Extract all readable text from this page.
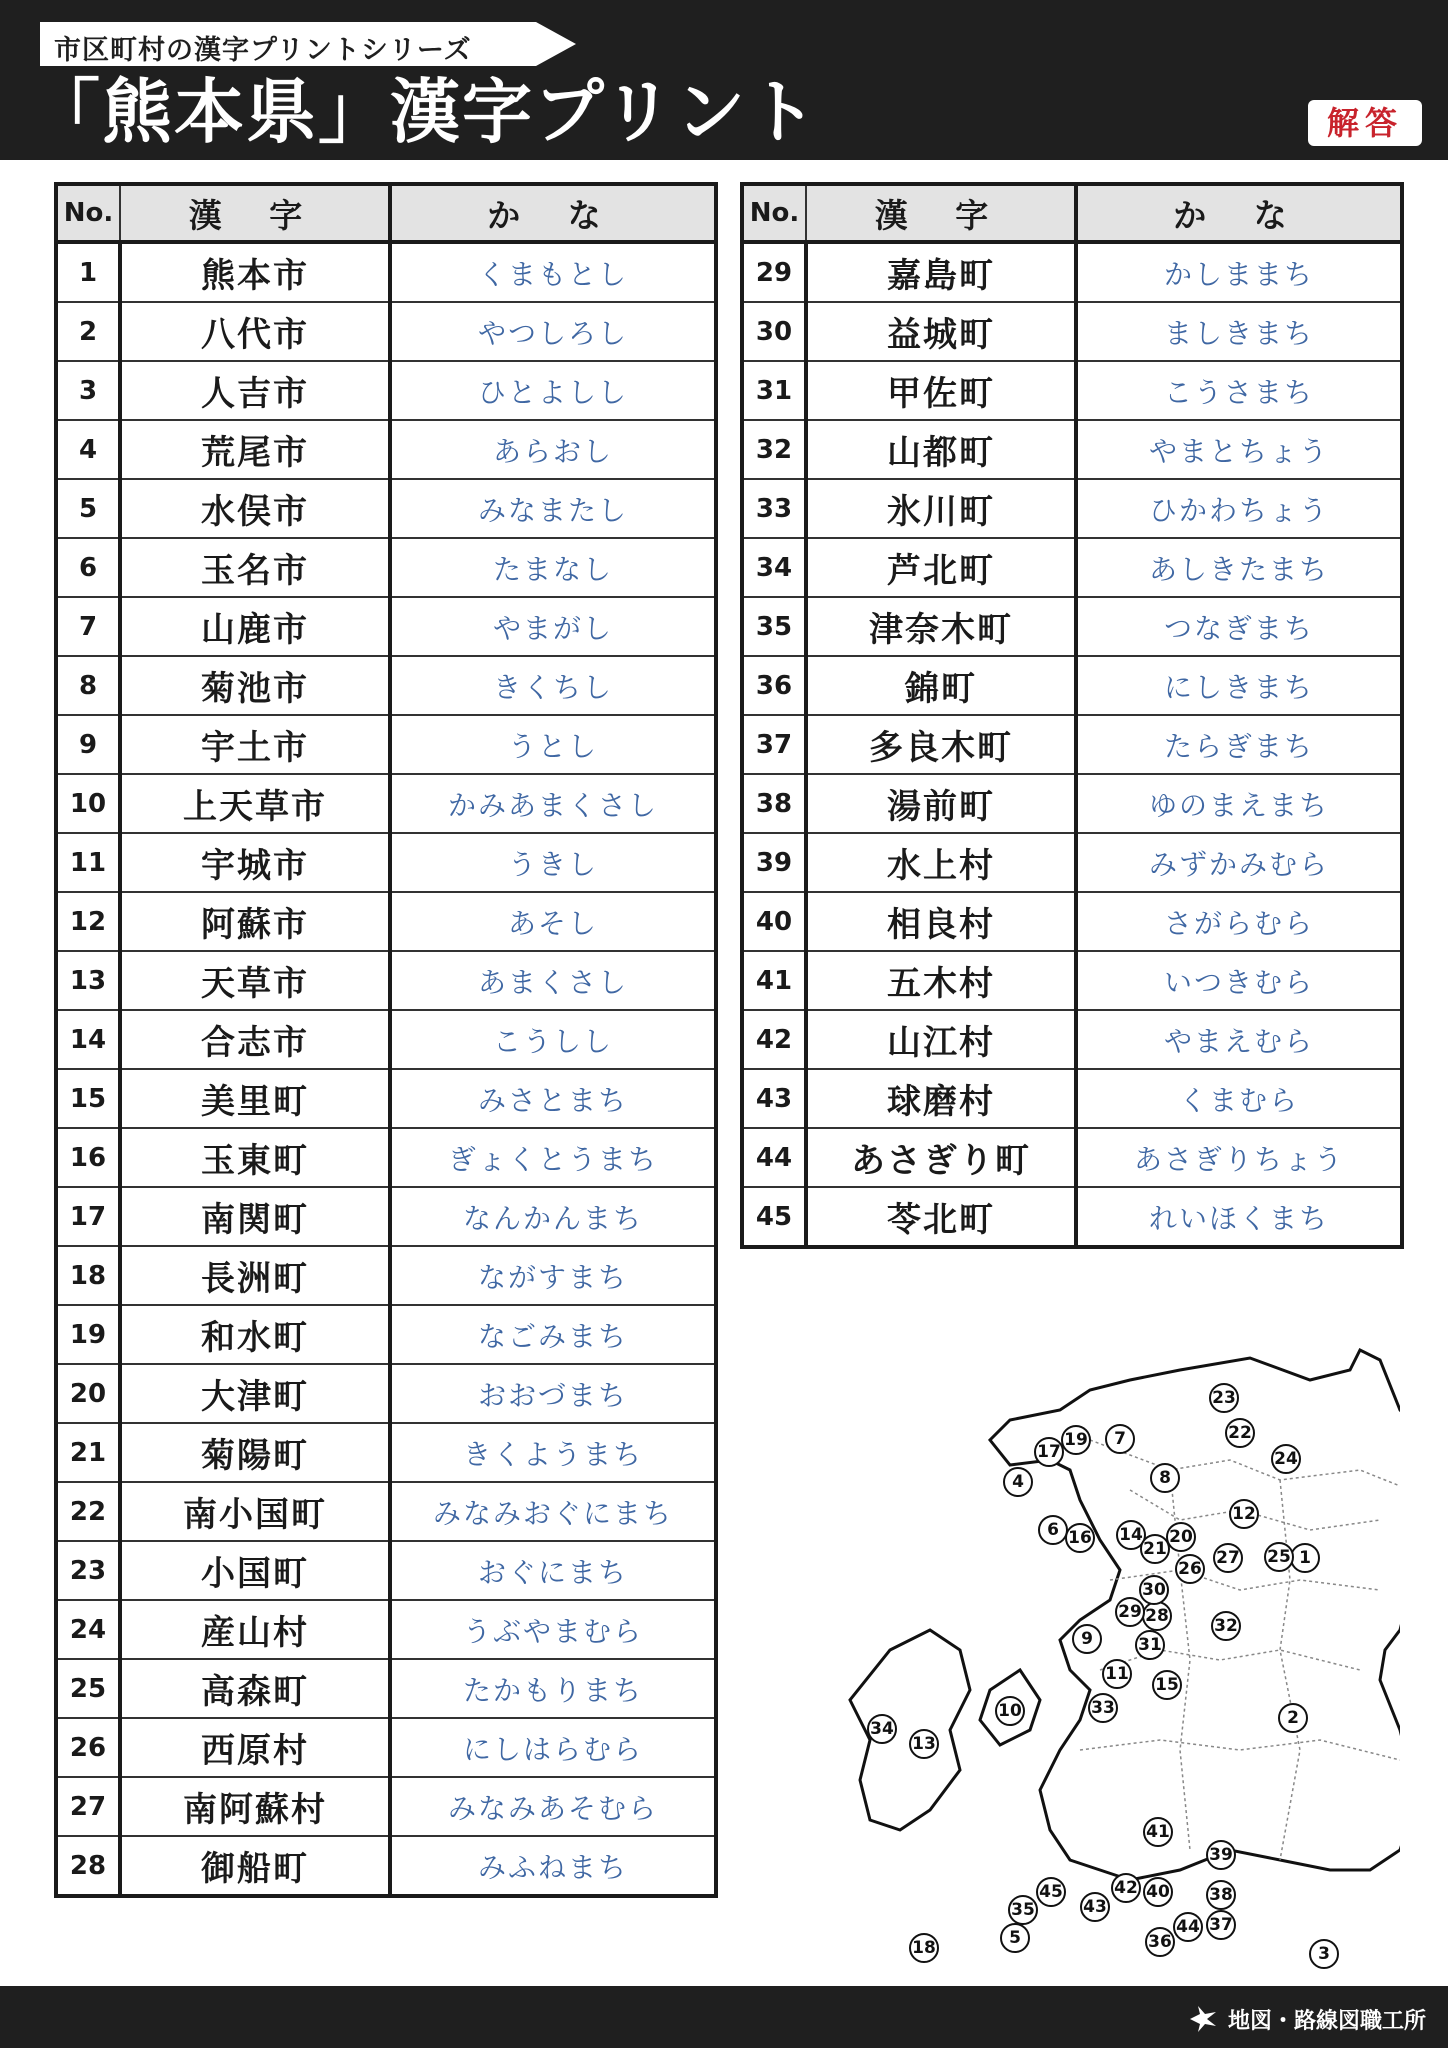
市区町村の漢字プリントシリーズ
「熊本県」漢字プリント	解答
No.	漢 字	か な
1	熊本市	くまもとし
2	八代市	やつしろし
3	人吉市	ひとよしし
4	荒尾市	あらおし
5	水俣市	みなまたし
6	玉名市	たまなし
7	山鹿市	やまがし
8	菊池市	きくちし
9	宇土市	うとし
10	上天草市	かみあまくさし
11	宇城市	うきし
12	阿蘇市	あそし
13	天草市	あまくさし
14	合志市	こうしし
15	美里町	みさとまち
16	玉東町	ぎょくとうまち
17	南関町	なんかんまち
18	長洲町	ながすまち
19	和水町	なごみまち
20	大津町	おおづまち
21	菊陽町	きくようまち
22	南小国町	みなみおぐにまち
23	小国町	おぐにまち
24	産山村	うぶやまむら
25	高森町	たかもりまち
26	西原村	にしはらむら
27	南阿蘇村	みなみあそむら
28	御船町	みふねまち
No.	漢 字	か な
29	嘉島町	かしままち
30	益城町	ましきまち
31	甲佐町	こうさまち
32	山都町	やまとちょう
33	氷川町	ひかわちょう
34	芦北町	あしきたまち
35	津奈木町	つなぎまち
36	錦町	にしきまち
37	多良木町	たらぎまち
38	湯前町	ゆのまえまち
39	水上村	みずかみむら
40	相良村	さがらむら
41	五木村	いつきむら
42	山江村	やまえむら
43	球磨村	くまむら
44	あさぎり町	あさぎりちょう
45	苓北町	れいほくまち
1
2
3
4
5
6
7
8
9
10
11
12
13
14
15
16
17
18
19
20
21
22
23
24
25
26
27
28
29
30
31
32
33
34
35
36
37
38
39
40
41
42
43
44
45
地図・路線図職工所
